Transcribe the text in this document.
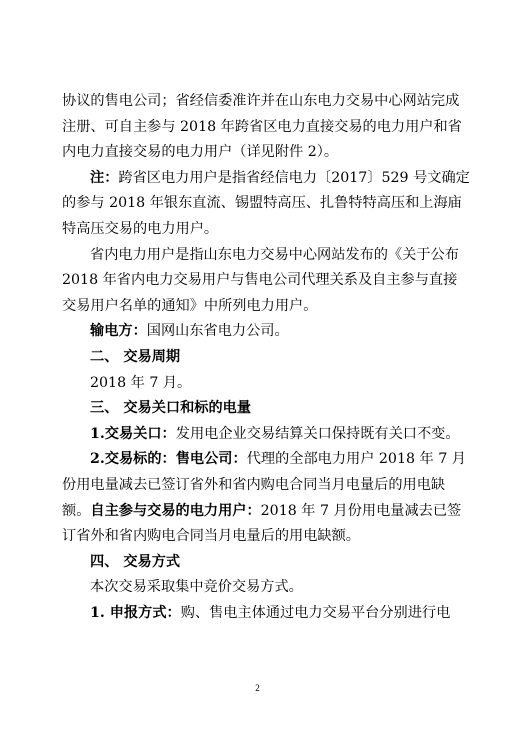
协议的售电公司；省经信委准许并在山东电力交易中心网站完成
注册、可自主参与 2018 年跨省区电力直接交易的电力用户和省
内电力直接交易的电力用户（详见附件 2）。
注：跨省区电力用户是指省经信电力〔2017〕529 号文确定
的参与 2018 年银东直流、锡盟特高压、扎鲁特特高压和上海庙
特高压交易的电力用户。
省内电力用户是指山东电力交易中心网站发布的《关于公布
2018 年省内电力交易用户与售电公司代理关系及自主参与直接
交易用户名单的通知》中所列电力用户。
输电方：国网山东省电力公司。
二、 交易周期
2018 年 7 月。
三、 交易关口和标的电量
1.交易关口：发用电企业交易结算关口保持既有关口不变。
2.交易标的：售电公司：代理的全部电力用户 2018 年 7 月
份用电量减去已签订省外和省内购电合同当月电量后的用电缺
额。自主参与交易的电力用户：2018 年 7 月份用电量减去已签
订省外和省内购电合同当月电量后的用电缺额。
四、 交易方式
本次交易采取集中竞价交易方式。
1. 申报方式：购、售电主体通过电力交易平台分别进行电
2
